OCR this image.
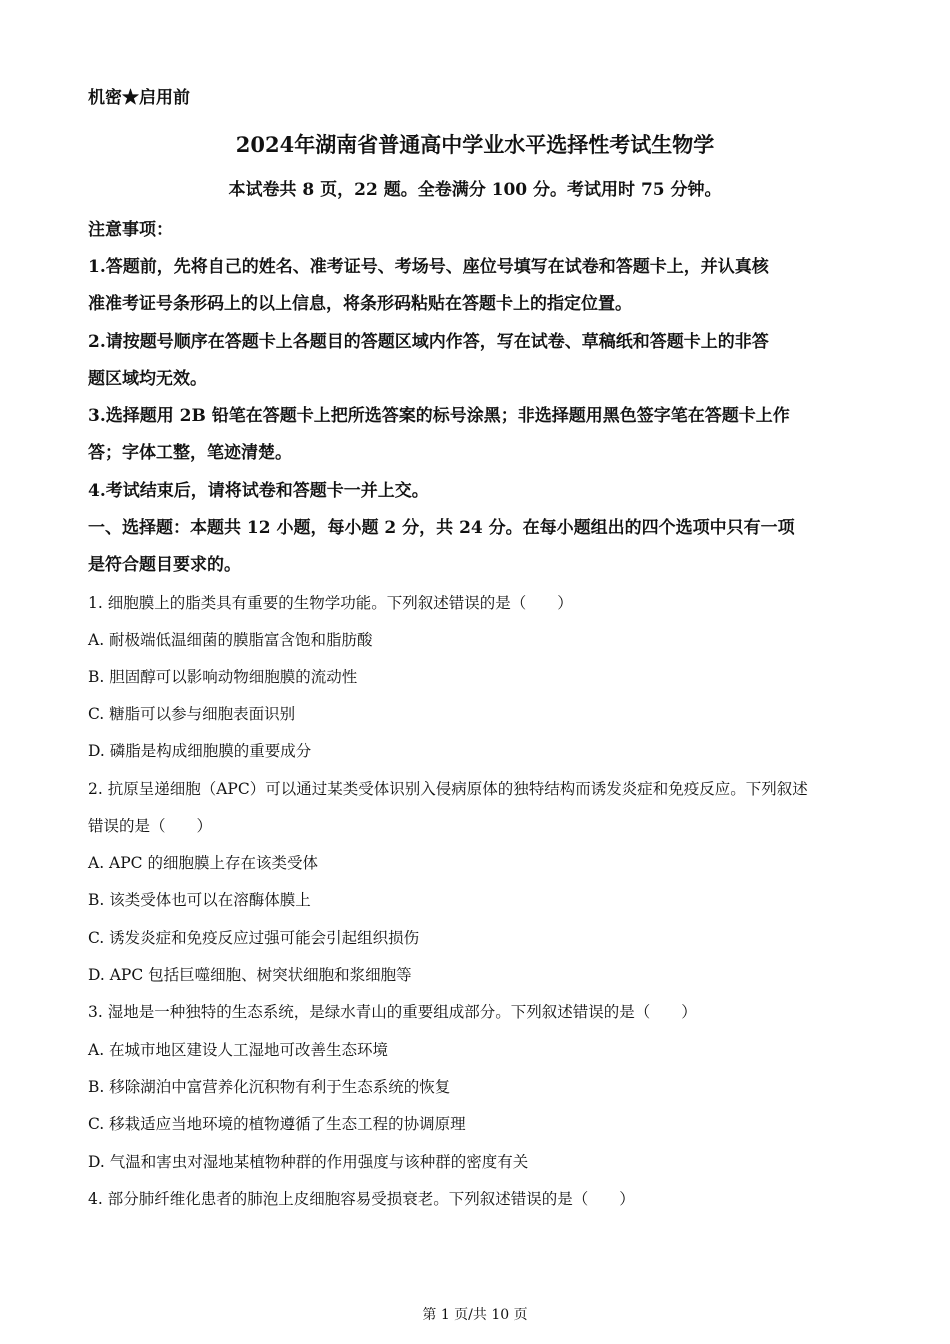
机密★启用前
2024年湖南省普通高中学业水平选择性考试生物学
本试卷共 8 页，22 题。全卷满分 100 分。考试用时 75 分钟。
注意事项：
1.答题前，先将自己的姓名、准考证号、考场号、座位号填写在试卷和答题卡上，并认真核
准准考证号条形码上的以上信息，将条形码粘贴在答题卡上的指定位置。
2.请按题号顺序在答题卡上各题目的答题区域内作答，写在试卷、草稿纸和答题卡上的非答
题区域均无效。
3.选择题用 2B 铅笔在答题卡上把所选答案的标号涂黑；非选择题用黑色签字笔在答题卡上作
答；字体工整，笔迹清楚。
4.考试结束后，请将试卷和答题卡一并上交。
一、选择题：本题共 12 小题，每小题 2 分，共 24 分。在每小题组出的四个选项中只有一项
是符合题目要求的。
1. 细胞膜上的脂类具有重要的生物学功能。下列叙述错误的是（　　）
A. 耐极端低温细菌的膜脂富含饱和脂肪酸
B. 胆固醇可以影响动物细胞膜的流动性
C. 糖脂可以参与细胞表面识别
D. 磷脂是构成细胞膜的重要成分
2. 抗原呈递细胞（APC）可以通过某类受体识别入侵病原体的独特结构而诱发炎症和免疫反应。下列叙述
错误的是（　　）
A. APC 的细胞膜上存在该类受体
B. 该类受体也可以在溶酶体膜上
C. 诱发炎症和免疫反应过强可能会引起组织损伤
D. APC 包括巨噬细胞、树突状细胞和浆细胞等
3. 湿地是一种独特的生态系统，是绿水青山的重要组成部分。下列叙述错误的是（　　）
A. 在城市地区建设人工湿地可改善生态环境
B. 移除湖泊中富营养化沉积物有利于生态系统的恢复
C. 移栽适应当地环境的植物遵循了生态工程的协调原理
D. 气温和害虫对湿地某植物种群的作用强度与该种群的密度有关
4. 部分肺纤维化患者的肺泡上皮细胞容易受损衰老。下列叙述错误的是（　　）
第 1 页/共 10 页
